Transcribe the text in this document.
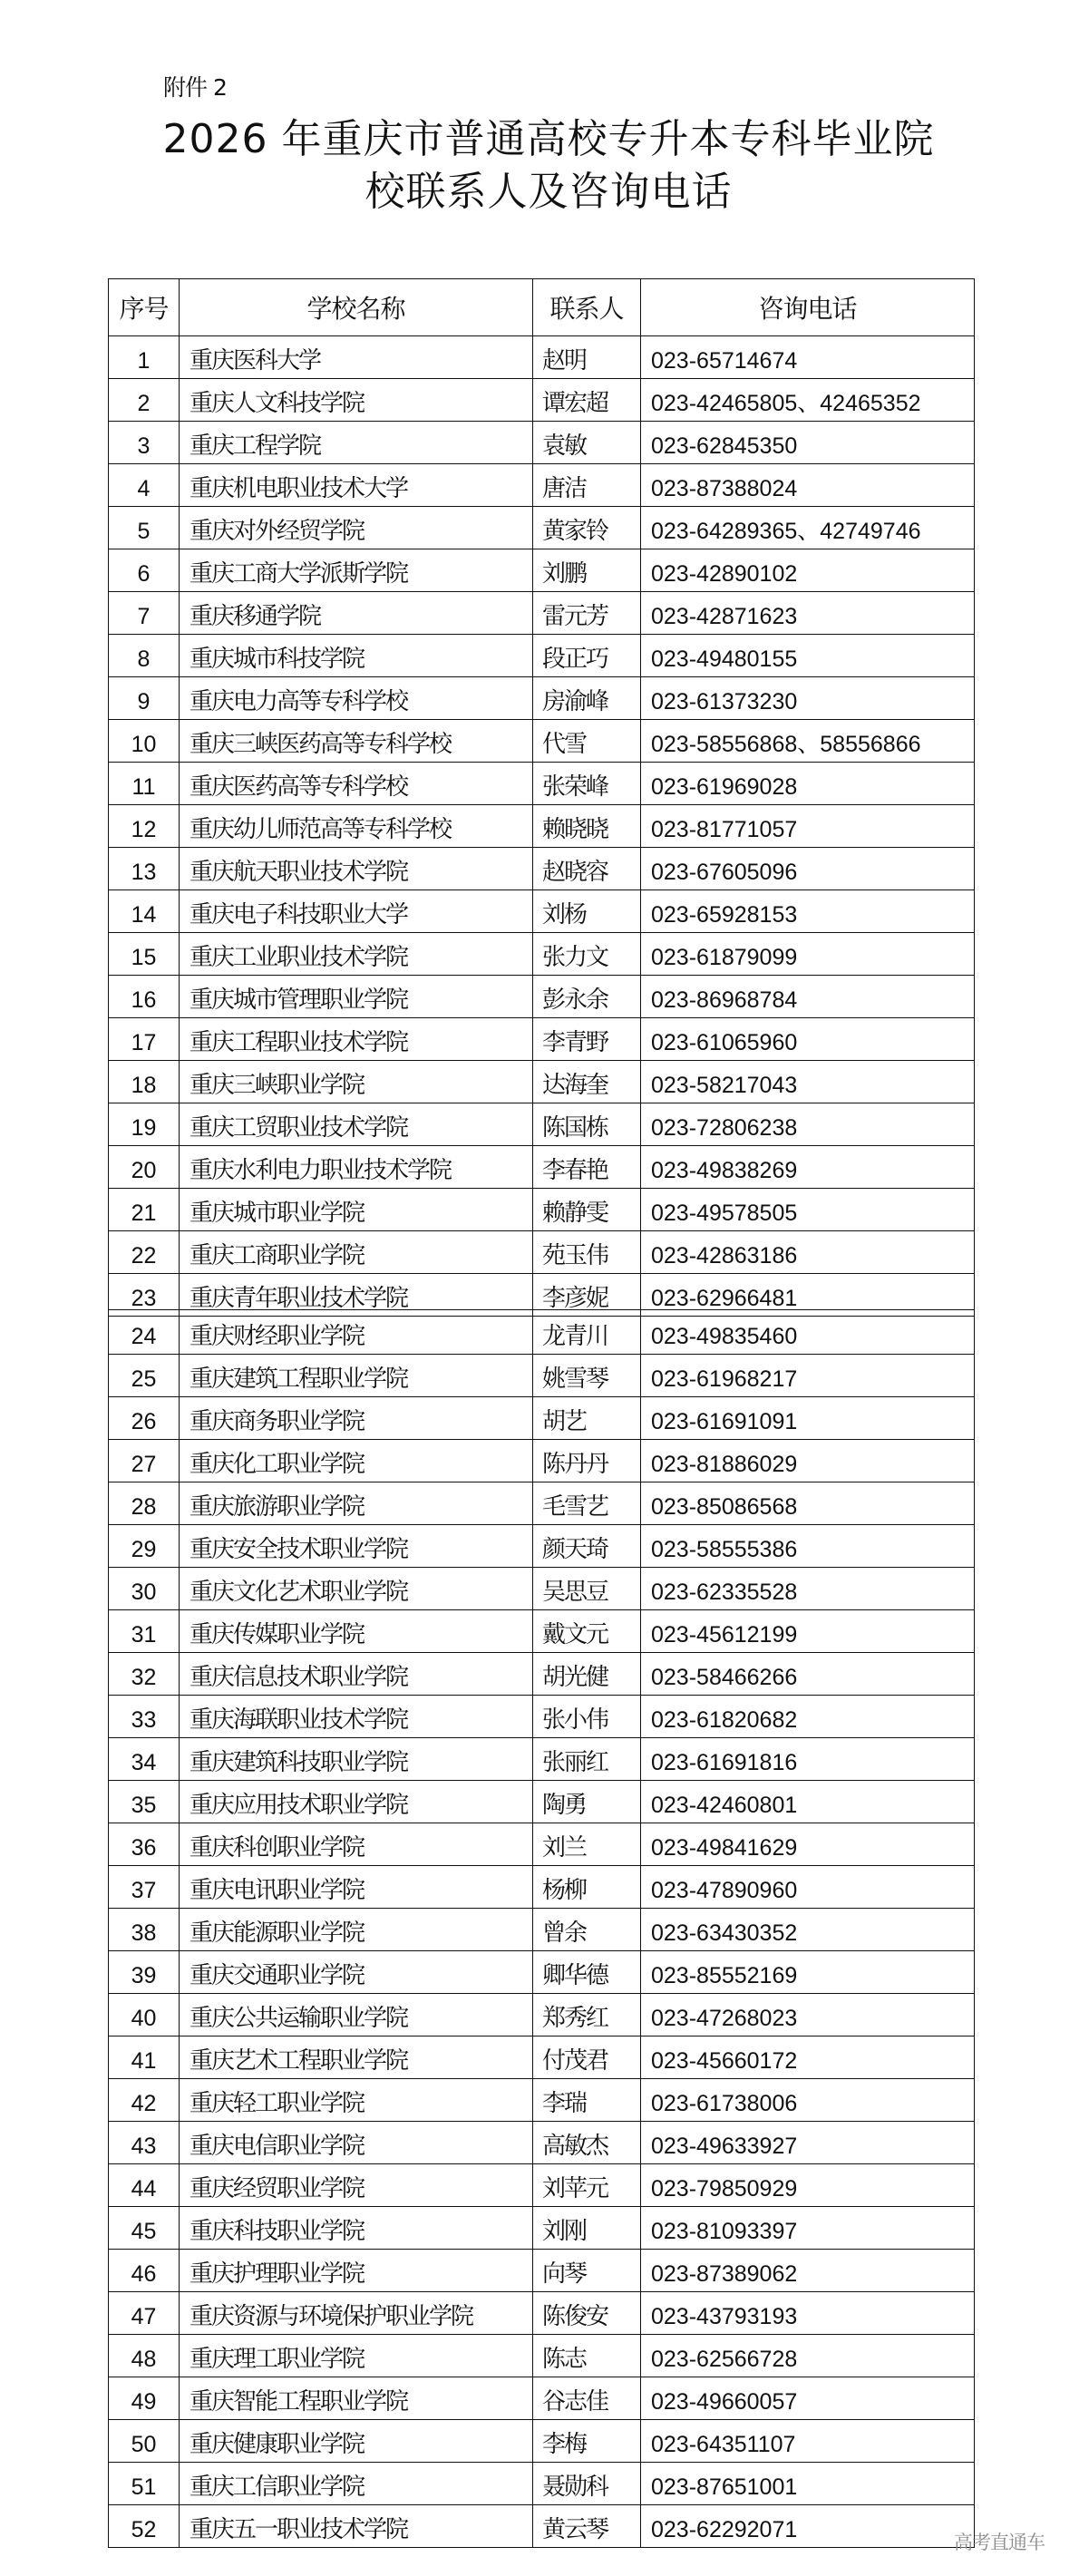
附件 2
2026 年重庆市普通高校专升本专科毕业院
校联系人及咨询电话
序号	学校名称	联系人	咨询电话
1	重庆医科大学	赵明	023-65714674
2	重庆人文科技学院	谭宏超	023-42465805、42465352
3	重庆工程学院	袁敏	023-62845350
4	重庆机电职业技术大学	唐洁	023-87388024
5	重庆对外经贸学院	黄家铃	023-64289365、42749746
6	重庆工商大学派斯学院	刘鹏	023-42890102
7	重庆移通学院	雷元芳	023-42871623
8	重庆城市科技学院	段正巧	023-49480155
9	重庆电力高等专科学校	房渝峰	023-61373230
10	重庆三峡医药高等专科学校	代雪	023-58556868、58556866
11	重庆医药高等专科学校	张荣峰	023-61969028
12	重庆幼儿师范高等专科学校	赖晓晓	023-81771057
13	重庆航天职业技术学院	赵晓容	023-67605096
14	重庆电子科技职业大学	刘杨	023-65928153
15	重庆工业职业技术学院	张力文	023-61879099
16	重庆城市管理职业学院	彭永余	023-86968784
17	重庆工程职业技术学院	李青野	023-61065960
18	重庆三峡职业学院	达海奎	023-58217043
19	重庆工贸职业技术学院	陈国栋	023-72806238
20	重庆水利电力职业技术学院	李春艳	023-49838269
21	重庆城市职业学院	赖静雯	023-49578505
22	重庆工商职业学院	苑玉伟	023-42863186
23	重庆青年职业技术学院	李彦妮	023-62966481
24	重庆财经职业学院	龙青川	023-49835460
25	重庆建筑工程职业学院	姚雪琴	023-61968217
26	重庆商务职业学院	胡艺	023-61691091
27	重庆化工职业学院	陈丹丹	023-81886029
28	重庆旅游职业学院	毛雪艺	023-85086568
29	重庆安全技术职业学院	颜天琦	023-58555386
30	重庆文化艺术职业学院	吴思豆	023-62335528
31	重庆传媒职业学院	戴文元	023-45612199
32	重庆信息技术职业学院	胡光健	023-58466266
33	重庆海联职业技术学院	张小伟	023-61820682
34	重庆建筑科技职业学院	张丽红	023-61691816
35	重庆应用技术职业学院	陶勇	023-42460801
36	重庆科创职业学院	刘兰	023-49841629
37	重庆电讯职业学院	杨柳	023-47890960
38	重庆能源职业学院	曾余	023-63430352
39	重庆交通职业学院	卿华德	023-85552169
40	重庆公共运输职业学院	郑秀红	023-47268023
41	重庆艺术工程职业学院	付茂君	023-45660172
42	重庆轻工职业学院	李瑞	023-61738006
43	重庆电信职业学院	高敏杰	023-49633927
44	重庆经贸职业学院	刘苹元	023-79850929
45	重庆科技职业学院	刘刚	023-81093397
46	重庆护理职业学院	向琴	023-87389062
47	重庆资源与环境保护职业学院	陈俊安	023-43793193
48	重庆理工职业学院	陈志	023-62566728
49	重庆智能工程职业学院	谷志佳	023-49660057
50	重庆健康职业学院	李梅	023-64351107
51	重庆工信职业学院	聂勋科	023-87651001
52	重庆五一职业技术学院	黄云琴	023-62292071	高考直通车
